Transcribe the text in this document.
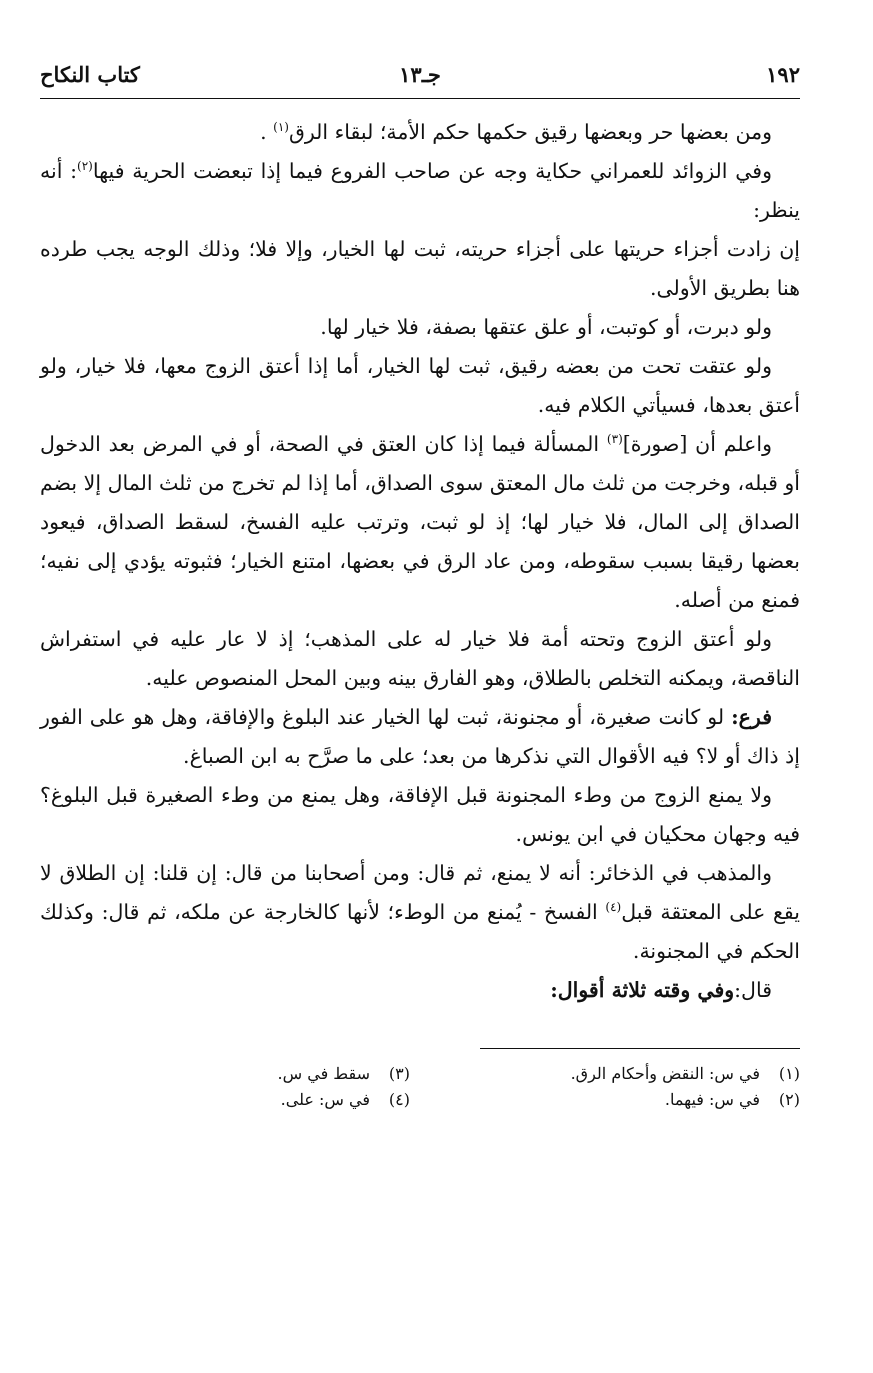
١٩٢
جـ١٣
كتاب النكاح

ومن بعضها حر وبعضها رقيق حكمها حكم الأمة؛ لبقاء الرق$^{(١)}$ .

وفي الزوائد للعمراني حكاية وجه عن صاحب الفروع فيما إذا تبعضت الحرية فيها$^{(٢)}$: أنه ينظر:

إن زادت أجزاء حريتها على أجزاء حريته، ثبت لها الخيار، وإلا فلا؛ وذلك الوجه يجب طرده هنا بطريق الأولى.

ولو دبرت، أو كوتبت، أو علق عتقها بصفة، فلا خيار لها.

ولو عتقت تحت من بعضه رقيق، ثبت لها الخيار، أما إذا أعتق الزوج معها، فلا خيار، ولو أعتق بعدها، فسيأتي الكلام فيه.

واعلم أن [صورة]$^{(٣)}$ المسألة فيما إذا كان العتق في الصحة، أو في المرض بعد الدخول أو قبله، وخرجت من ثلث مال المعتق سوى الصداق، أما إذا لم تخرج من ثلث المال إلا بضم الصداق إلى المال، فلا خيار لها؛ إذ لو ثبت، وترتب عليه الفسخ، لسقط الصداق، فيعود بعضها رقيقا بسبب سقوطه، ومن عاد الرق في بعضها، امتنع الخيار؛ فثبوته يؤدي إلى نفيه؛ فمنع من أصله.

ولو أعتق الزوج وتحته أمة فلا خيار له على المذهب؛ إذ لا عار عليه في استفراش الناقصة، ويمكنه التخلص بالطلاق، وهو الفارق بينه وبين المحل المنصوص عليه.

فرع: لو كانت صغيرة، أو مجنونة، ثبت لها الخيار عند البلوغ والإفاقة، وهل هو على الفور إذ ذاك أو لا؟ فيه الأقوال التي نذكرها من بعد؛ على ما صرَّح به ابن الصباغ.

ولا يمنع الزوج من وطء المجنونة قبل الإفاقة، وهل يمنع من وطء الصغيرة قبل البلوغ؟ فيه وجهان محكيان في ابن يونس.

والمذهب في الذخائر: أنه لا يمنع، ثم قال: ومن أصحابنا من قال: إن قلنا: إن الطلاق لا يقع على المعتقة قبل$^{(٤)}$ الفسخ - يُمنع من الوطء؛ لأنها كالخارجة عن ملكه، ثم قال: وكذلك الحكم في المجنونة.

قال:وفي وقته ثلاثة أقوال:

(١)في س: النقض وأحكام الرق.
(٣)سقط في س.
(٢)في س: فيهما.
(٤)في س: على.
